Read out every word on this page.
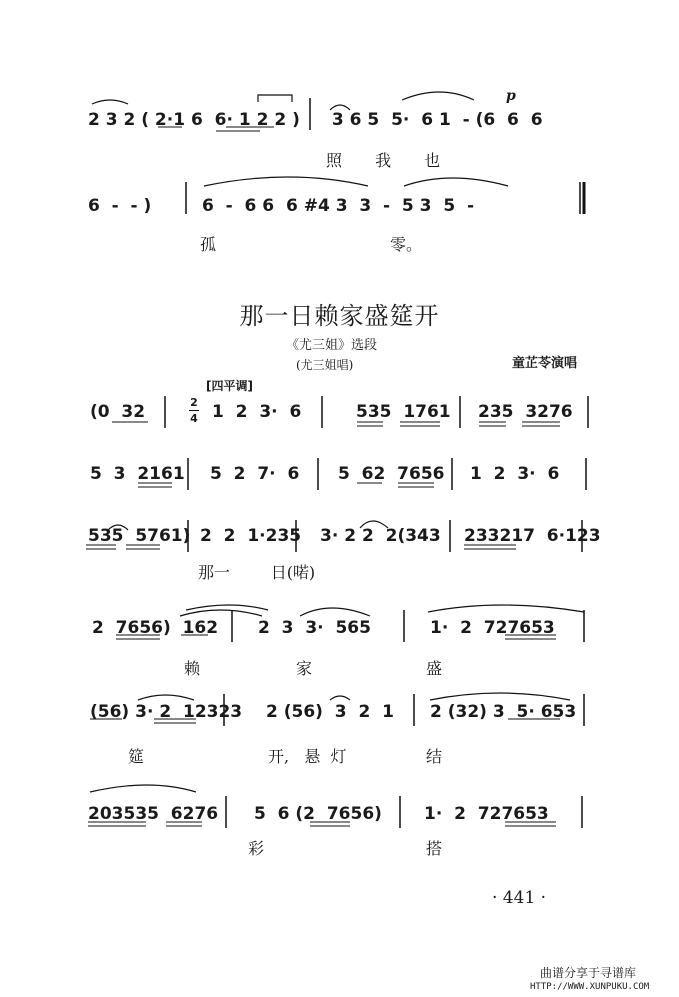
2 3 2 ( 2·1 6  6· 1 2 2 ) 3 6 5  5·  6 1  - (6  6  6
p
照 我 也
6  -  - )	6  -  6 6  6 #4 3  3  -  5 3  5  -
孤	零。
那一日赖家盛筵开
《尤三姐》选段
(尤三姐唱)	童芷苓演唱
[四平调]
2
4
(0  32	1  2  3·  6	535  1761 235  3276
5  3  2161 5  2  7·  6 5  62  7656 1  2  3·  6
535  5761) 2  2  1·235 3· 2 2  2(343 233217  6·123
那一        日(喏)
2  7656)  162 2  3  3·  565	1·  2  727653
赖	家	盛
(56) 3· 2  12323 2 (56)  3  2  1 2 (32) 3  5· 653
筵	开,   悬  灯	结
203535  6276 5  6 (2  7656) 1·  2  727653
彩	搭
· 441 ·
曲谱分享于寻谱库
HTTP://WWW.XUNPUKU.COM
